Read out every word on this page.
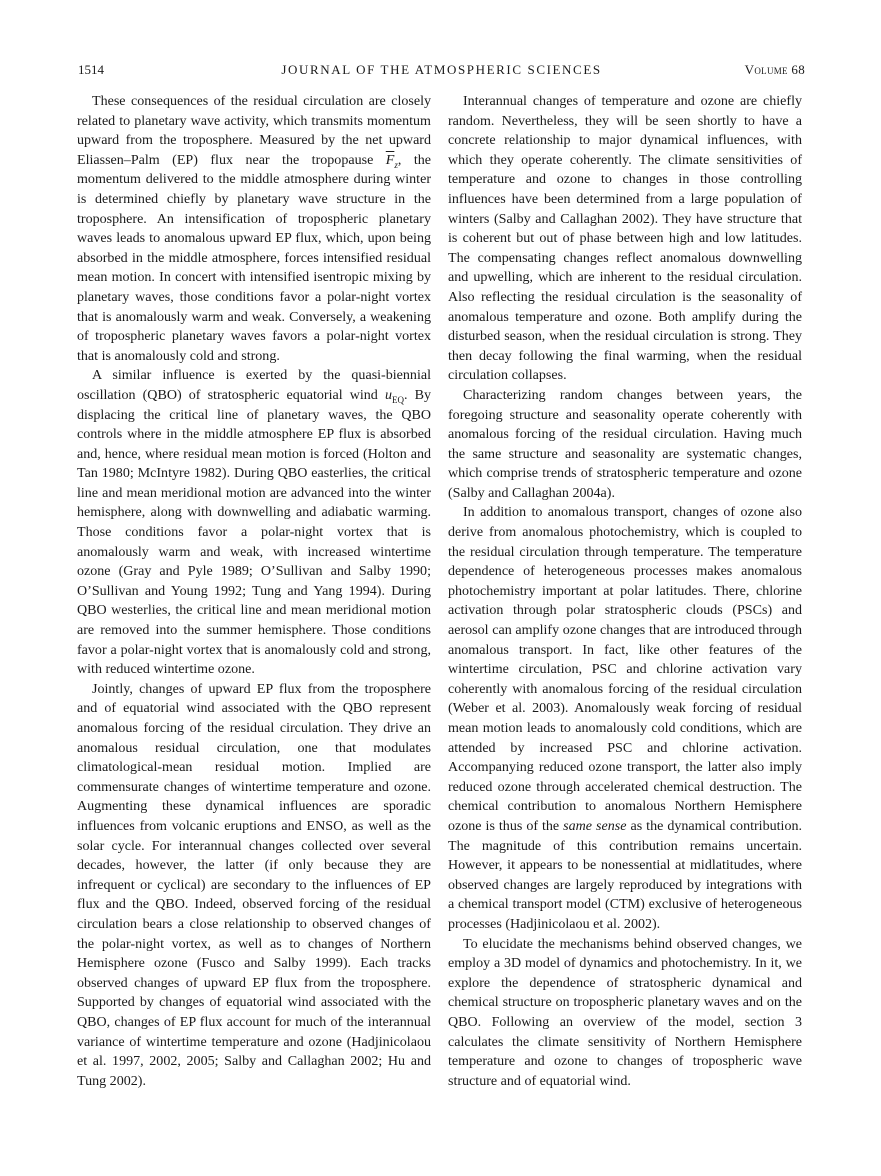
1514	JOURNAL OF THE ATMOSPHERIC SCIENCES	Volume 68

These consequences of the residual circulation are closely related to planetary wave activity, which transmits momentum upward from the troposphere. Measured by the net upward Eliassen–Palm (EP) flux near the tropopause $\overline{F}_z$, the momentum delivered to the middle atmosphere during winter is determined chiefly by planetary wave structure in the troposphere. An intensification of tropospheric planetary waves leads to anomalous upward EP flux, which, upon being absorbed in the middle atmosphere, forces intensified residual mean motion. In concert with intensified isentropic mixing by planetary waves, those conditions favor a polar-night vortex that is anomalously warm and weak. Conversely, a weakening of tropospheric planetary waves favors a polar-night vortex that is anomalously cold and strong.

A similar influence is exerted by the quasi-biennial oscillation (QBO) of stratospheric equatorial wind $u_{EQ}$. By displacing the critical line of planetary waves, the QBO controls where in the middle atmosphere EP flux is absorbed and, hence, where residual mean motion is forced (Holton and Tan 1980; McIntyre 1982). During QBO easterlies, the critical line and mean meridional motion are advanced into the winter hemisphere, along with downwelling and adiabatic warming. Those conditions favor a polar-night vortex that is anomalously warm and weak, with increased wintertime ozone (Gray and Pyle 1989; O’Sullivan and Salby 1990; O’Sullivan and Young 1992; Tung and Yang 1994). During QBO westerlies, the critical line and mean meridional motion are removed into the summer hemisphere. Those conditions favor a polar-night vortex that is anomalously cold and strong, with reduced wintertime ozone.

Jointly, changes of upward EP flux from the troposphere and of equatorial wind associated with the QBO represent anomalous forcing of the residual circulation. They drive an anomalous residual circulation, one that modulates climatological-mean residual motion. Implied are commensurate changes of wintertime temperature and ozone. Augmenting these dynamical influences are sporadic influences from volcanic eruptions and ENSO, as well as the solar cycle. For interannual changes collected over several decades, however, the latter (if only because they are infrequent or cyclical) are secondary to the influences of EP flux and the QBO. Indeed, observed forcing of the residual circulation bears a close relationship to observed changes of the polar-night vortex, as well as to changes of Northern Hemisphere ozone (Fusco and Salby 1999). Each tracks observed changes of upward EP flux from the troposphere. Supported by changes of equatorial wind associated with the QBO, changes of EP flux account for much of the interannual variance of wintertime temperature and ozone (Hadjinicolaou et al. 1997, 2002, 2005; Salby and Callaghan 2002; Hu and Tung 2002).

Interannual changes of temperature and ozone are chiefly random. Nevertheless, they will be seen shortly to have a concrete relationship to major dynamical influences, with which they operate coherently. The climate sensitivities of temperature and ozone to changes in those controlling influences have been determined from a large population of winters (Salby and Callaghan 2002). They have structure that is coherent but out of phase between high and low latitudes. The compensating changes reflect anomalous downwelling and upwelling, which are inherent to the residual circulation. Also reflecting the residual circulation is the seasonality of anomalous temperature and ozone. Both amplify during the disturbed season, when the residual circulation is strong. They then decay following the final warming, when the residual circulation collapses.

Characterizing random changes between years, the foregoing structure and seasonality operate coherently with anomalous forcing of the residual circulation. Having much the same structure and seasonality are systematic changes, which comprise trends of stratospheric temperature and ozone (Salby and Callaghan 2004a).

In addition to anomalous transport, changes of ozone also derive from anomalous photochemistry, which is coupled to the residual circulation through temperature. The temperature dependence of heterogeneous processes makes anomalous photochemistry important at polar latitudes. There, chlorine activation through polar stratospheric clouds (PSCs) and aerosol can amplify ozone changes that are introduced through anomalous transport. In fact, like other features of the wintertime circulation, PSC and chlorine activation vary coherently with anomalous forcing of the residual circulation (Weber et al. 2003). Anomalously weak forcing of residual mean motion leads to anomalously cold conditions, which are attended by increased PSC and chlorine activation. Accompanying reduced ozone transport, the latter also imply reduced ozone through accelerated chemical destruction. The chemical contribution to anomalous Northern Hemisphere ozone is thus of the same sense as the dynamical contribution. The magnitude of this contribution remains uncertain. However, it appears to be nonessential at midlatitudes, where observed changes are largely reproduced by integrations with a chemical transport model (CTM) exclusive of heterogeneous processes (Hadjinicolaou et al. 2002).

To elucidate the mechanisms behind observed changes, we employ a 3D model of dynamics and photochemistry. In it, we explore the dependence of stratospheric dynamical and chemical structure on tropospheric planetary waves and on the QBO. Following an overview of the model, section 3 calculates the climate sensitivity of Northern Hemisphere temperature and ozone to changes of tropospheric wave structure and of equatorial wind.
